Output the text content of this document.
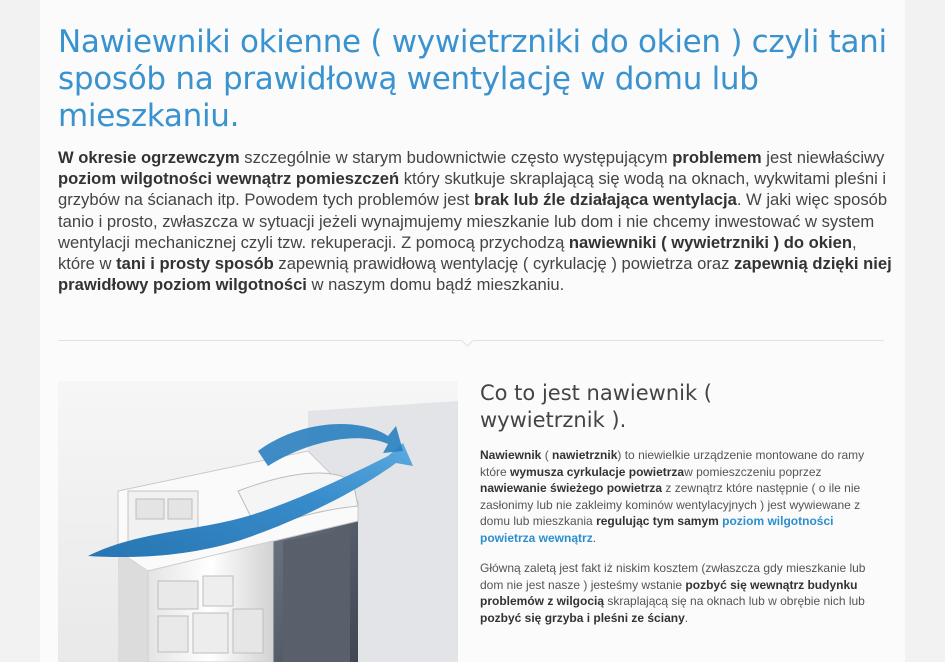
Nawiewniki okienne ( wywietrzniki do okien ) czyli tani sposób na prawidłową wentylację w domu lub mieszkaniu.

W okresie ogrzewczym szczególnie w starym budownictwie często występującym problemem jest niewłaściwy poziom wilgotności wewnątrz pomieszczeń który skutkuje skraplającą się wodą na oknach, wykwitami pleśni i grzybów na ścianach itp. Powodem tych problemów jest brak lub źle działająca wentylacja. W jaki więc sposób tanio i prosto, zwłaszcza w sytuacji jeżeli wynajmujemy mieszkanie lub dom i nie chcemy inwestować w system wentylacji mechanicznej czyli tzw. rekuperacji. Z pomocą przychodzą nawiewniki ( wywietrzniki ) do okien, które w tani i prosty sposób zapewnią prawidłową wentylację ( cyrkulację ) powietrza oraz zapewnią dzięki niej prawidłowy poziom wilgotności w naszym domu bądź mieszkaniu.

Co to jest nawiewnik ( wywietrznik ).

Nawiewnik ( nawietrznik) to niewielkie urządzenie montowane do ramy które wymusza cyrkulacje powietrzaw pomieszczeniu poprzez nawiewanie świeżego powietrza z zewnątrz które następnie ( o ile nie zasłonimy lub nie zakleimy kominów wentylacyjnych ) jest wywiewane z domu lub mieszkania regulując tym samym poziom wilgotności powietrza wewnątrz.

Główną zaletą jest fakt iż niskim kosztem (zwłaszcza gdy mieszkanie lub dom nie jest nasze ) jesteśmy wstanie pozbyć się wewnątrz budynku problemów z wilgocią skraplającą się na oknach lub w obrębie nich lub pozbyć się grzyba i pleśni ze ściany.
